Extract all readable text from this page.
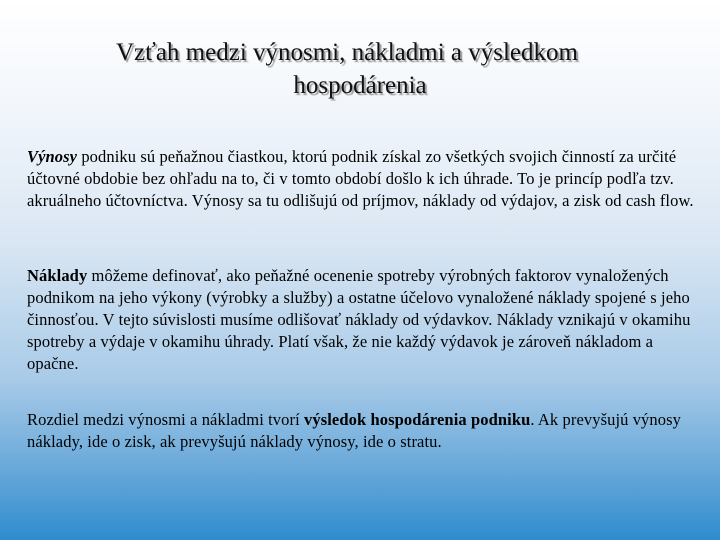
Vzťah medzi výnosmi, nákladmi a výsledkom
hospodárenia

Výnosy podniku sú peňažnou čiastkou, ktorú podnik získal zo všetkých svojich činností za určité účtovné obdobie bez ohľadu na to, či v tomto období došlo k ich úhrade. To je princíp podľa tzv. akruálneho účtovníctva. Výnosy sa tu odlišujú od príjmov, náklady od výdajov, a zisk od cash flow.

Náklady môžeme definovať, ako peňažné ocenenie spotreby výrobných faktorov vynaložených podnikom na jeho výkony (výrobky a služby) a ostatne účelovo vynaložené náklady spojené s jeho činnosťou. V tejto súvislosti musíme odlišovať náklady od výdavkov. Náklady vznikajú v okamihu spotreby a výdaje v okamihu úhrady. Platí však, že nie každý výdavok je zároveň nákladom a opačne.

Rozdiel medzi výnosmi a nákladmi tvorí výsledok hospodárenia podniku. Ak prevyšujú výnosy náklady, ide o zisk, ak prevyšujú náklady výnosy, ide o stratu.
